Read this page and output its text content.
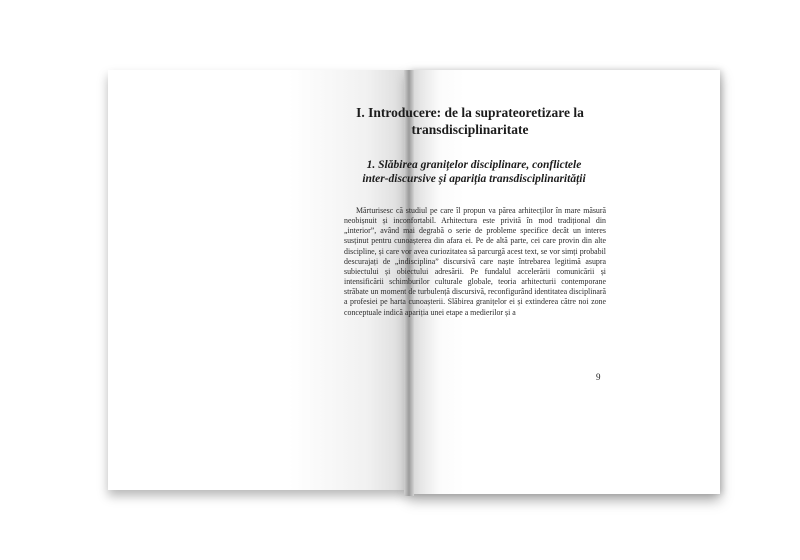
I. Introducere: de la suprateoretizare la transdisciplinaritate
1. Slăbirea granițelor disciplinare, conflictele inter-discursive și apariția transdisciplinarității

Mărturisesc că studiul pe care îl propun va părea arhitecților în mare măsură neobișnuit și inconfortabil. Arhitectura este privită în mod tradițional din „interior”, având mai degrabă o serie de probleme specifice decât un interes susținut pentru cunoașterea din afara ei. Pe de altă parte, cei care provin din alte discipline, și care vor avea curiozitatea să parcurgă acest text, se vor simți probabil descurajați de „indisciplina” discursivă care naște întrebarea legitimă asupra subiectului și obiectului adresării. Pe fundalul accelerării comunicării și intensificării schimburilor culturale globale, teoria arhitecturii contemporane străbate un moment de turbulență discursivă, reconfigurând identitatea disciplinară a profesiei pe harta cunoașterii. Slăbirea granițelor ei și extinderea către noi zone conceptuale indică apariția unei etape a medierilor și a

9
